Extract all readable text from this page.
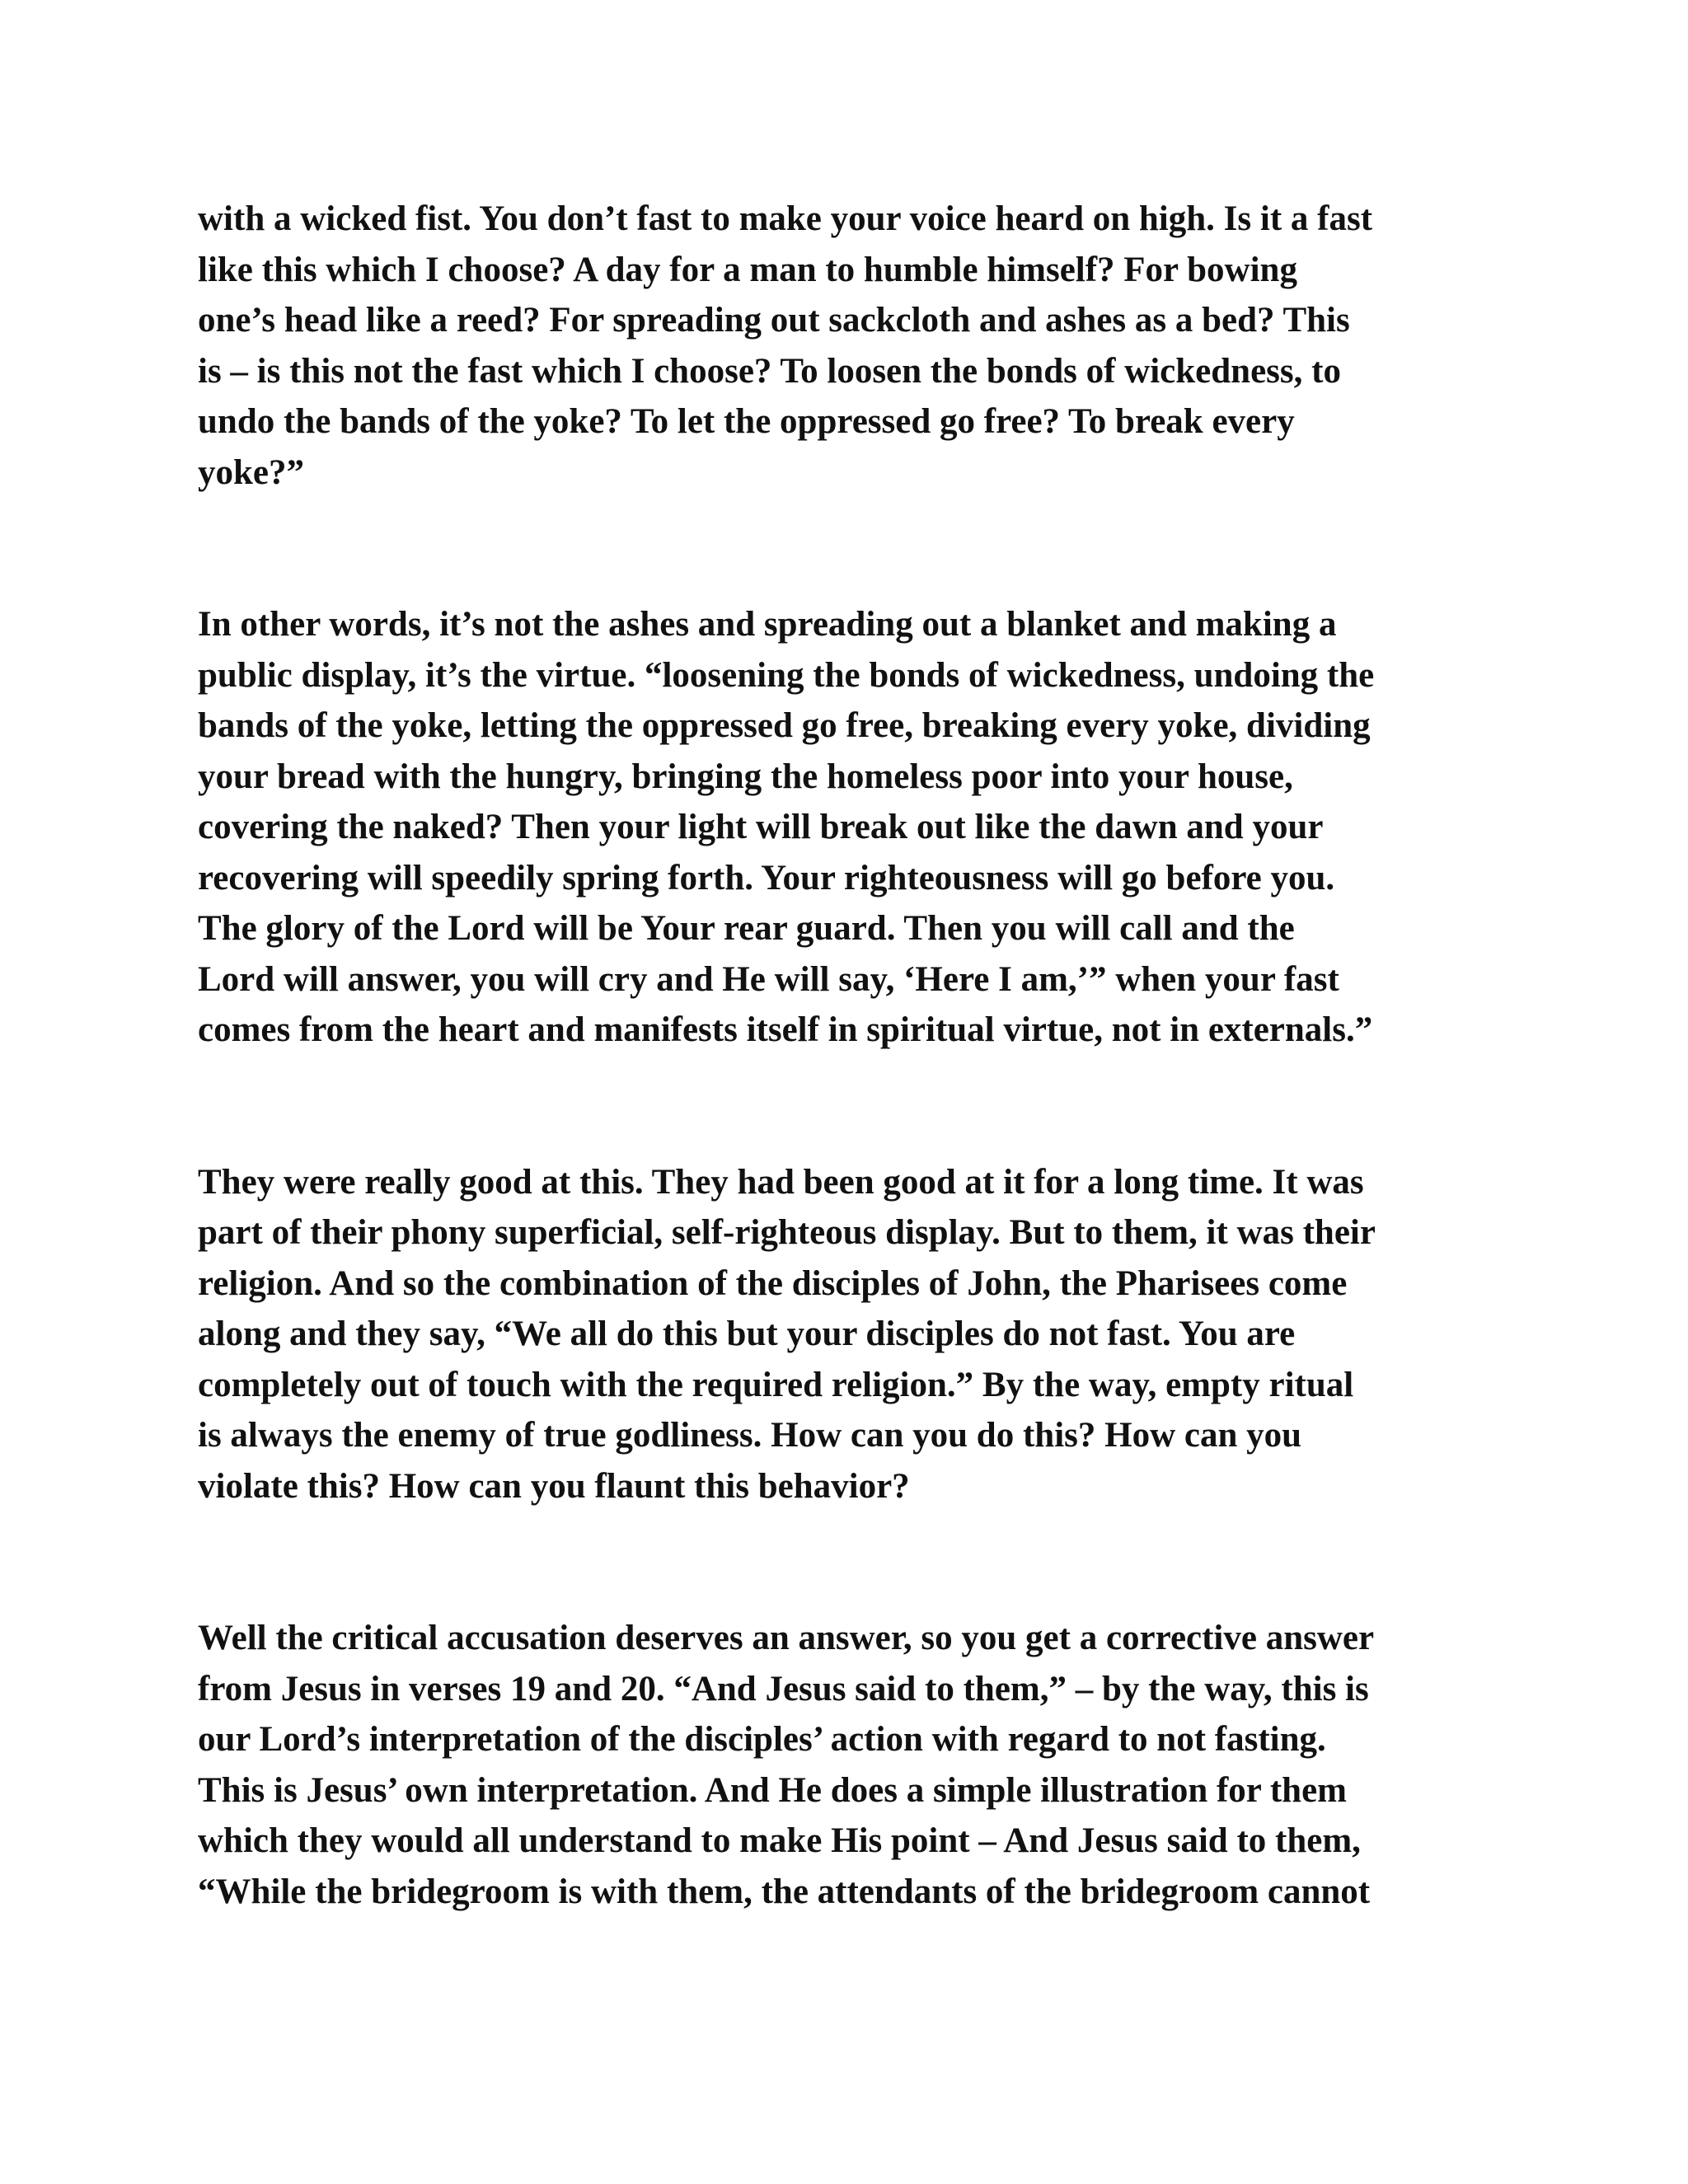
with a wicked fist. You don’t fast to make your voice heard on high. Is it a fast
like this which I choose? A day for a man to humble himself? For bowing
one’s head like a reed? For spreading out sackcloth and ashes as a bed? This
is – is this not the fast which I choose? To loosen the bonds of wickedness, to
undo the bands of the yoke? To let the oppressed go free? To break every
yoke?”

In other words, it’s not the ashes and spreading out a blanket and making a
public display, it’s the virtue. “loosening the bonds of wickedness, undoing the
bands of the yoke, letting the oppressed go free, breaking every yoke, dividing
your bread with the hungry, bringing the homeless poor into your house,
covering the naked? Then your light will break out like the dawn and your
recovering will speedily spring forth. Your righteousness will go before you.
The glory of the Lord will be Your rear guard. Then you will call and the
Lord will answer, you will cry and He will say, ‘Here I am,’” when your fast
comes from the heart and manifests itself in spiritual virtue, not in externals.”

They were really good at this. They had been good at it for a long time. It was
part of their phony superficial, self-righteous display. But to them, it was their
religion. And so the combination of the disciples of John, the Pharisees come
along and they say, “We all do this but your disciples do not fast. You are
completely out of touch with the required religion.” By the way, empty ritual
is always the enemy of true godliness. How can you do this? How can you
violate this? How can you flaunt this behavior?

Well the critical accusation deserves an answer, so you get a corrective answer
from Jesus in verses 19 and 20. “And Jesus said to them,” – by the way, this is
our Lord’s interpretation of the disciples’ action with regard to not fasting.
This is Jesus’ own interpretation. And He does a simple illustration for them
which they would all understand to make His point – And Jesus said to them,
“While the bridegroom is with them, the attendants of the bridegroom cannot
